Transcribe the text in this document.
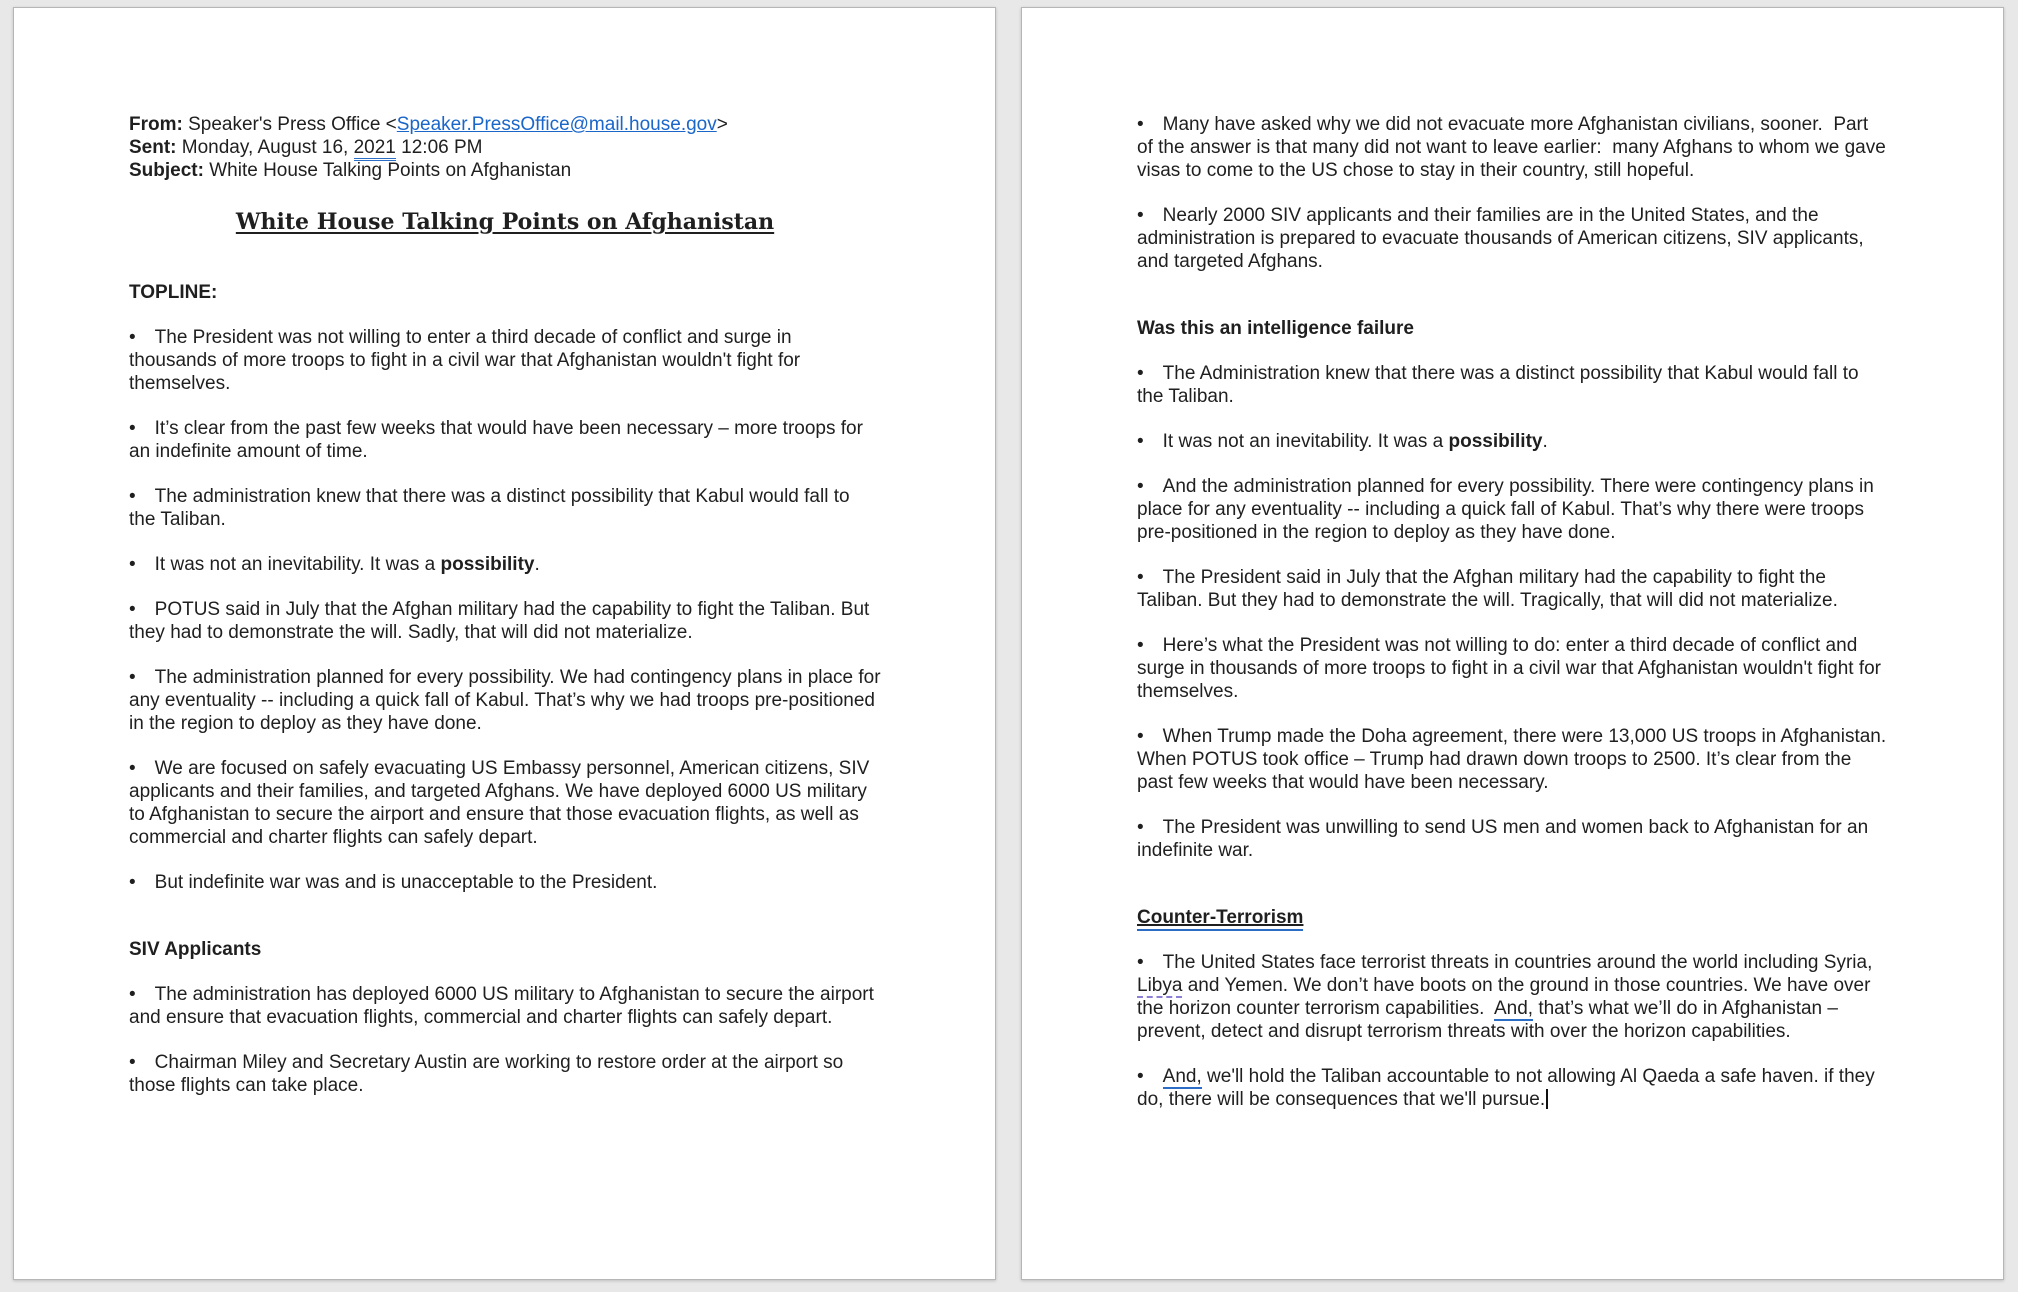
From: Speaker's Press Office <Speaker.PressOffice@mail.house.gov>
Sent: Monday, August 16, 2021 12:06 PM
Subject: White House Talking Points on Afghanistan
White House Talking Points on Afghanistan
TOPLINE:
• The President was not willing to enter a third decade of conflict and surge in thousands of more troops to fight in a civil war that Afghanistan wouldn't fight for themselves.
• It’s clear from the past few weeks that would have been necessary – more troops for an indefinite amount of time.
• The administration knew that there was a distinct possibility that Kabul would fall to the Taliban.
• It was not an inevitability. It was a possibility.
• POTUS said in July that the Afghan military had the capability to fight the Taliban. But they had to demonstrate the will. Sadly, that will did not materialize.
• The administration planned for every possibility. We had contingency plans in place for any eventuality -- including a quick fall of Kabul. That’s why we had troops pre-positioned in the region to deploy as they have done.
• We are focused on safely evacuating US Embassy personnel, American citizens, SIV applicants and their families, and targeted Afghans. We have deployed 6000 US military to Afghanistan to secure the airport and ensure that those evacuation flights, as well as commercial and charter flights can safely depart.
• But indefinite war was and is unacceptable to the President.
SIV Applicants
• The administration has deployed 6000 US military to Afghanistan to secure the airport and ensure that evacuation flights, commercial and charter flights can safely depart.
• Chairman Miley and Secretary Austin are working to restore order at the airport so those flights can take place.
• Many have asked why we did not evacuate more Afghanistan civilians, sooner.  Part of the answer is that many did not want to leave earlier:  many Afghans to whom we gave visas to come to the US chose to stay in their country, still hopeful.
• Nearly 2000 SIV applicants and their families are in the United States, and the administration is prepared to evacuate thousands of American citizens, SIV applicants, and targeted Afghans.
Was this an intelligence failure
• The Administration knew that there was a distinct possibility that Kabul would fall to the Taliban.
• It was not an inevitability. It was a possibility.
• And the administration planned for every possibility. There were contingency plans in place for any eventuality -- including a quick fall of Kabul. That’s why there were troops pre-positioned in the region to deploy as they have done.
• The President said in July that the Afghan military had the capability to fight the Taliban. But they had to demonstrate the will. Tragically, that will did not materialize.
• Here’s what the President was not willing to do: enter a third decade of conflict and surge in thousands of more troops to fight in a civil war that Afghanistan wouldn't fight for themselves.
• When Trump made the Doha agreement, there were 13,000 US troops in Afghanistan. When POTUS took office – Trump had drawn down troops to 2500. It’s clear from the past few weeks that would have been necessary.
• The President was unwilling to send US men and women back to Afghanistan for an indefinite war.
Counter-Terrorism
• The United States face terrorist threats in countries around the world including Syria, Libya and Yemen. We don’t have boots on the ground in those countries. We have over the horizon counter terrorism capabilities.  And, that’s what we’ll do in Afghanistan – prevent, detect and disrupt terrorism threats with over the horizon capabilities.
• And, we'll hold the Taliban accountable to not allowing Al Qaeda a safe haven. if they do, there will be consequences that we'll pursue.
